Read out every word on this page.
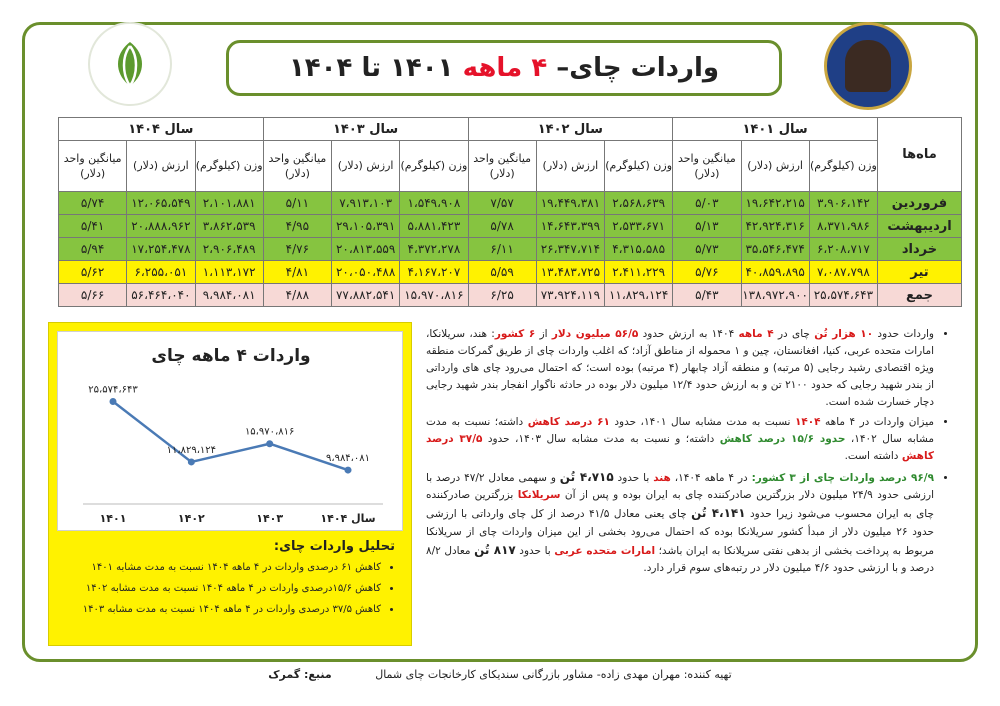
واردات چای–

۴ ماهه

۱۴۰۱ تا ۱۴۰۴
ماه‌ها	سال ۱۴۰۱			سال ۱۴۰۲			سال ۱۴۰۳			سال ۱۴۰۴		
	وزن (کیلوگرم)	ارزش (دلار)	میانگین واحد (دلار)	وزن (کیلوگرم)	ارزش (دلار)	میانگین واحد (دلار)	وزن (کیلوگرم)	ارزش (دلار)	میانگین واحد (دلار)	وزن (کیلوگرم)	ارزش (دلار)	میانگین واحد (دلار)
فروردین	۳،۹۰۶،۱۴۲	۱۹،۶۴۲،۲۱۵	۵/۰۳	۲،۵۶۸،۶۳۹	۱۹،۴۴۹،۳۸۱	۷/۵۷	۱،۵۴۹،۹۰۸	۷،۹۱۳،۱۰۳	۵/۱۱	۲،۱۰۱،۸۸۱	۱۲،۰۶۵،۵۴۹	۵/۷۴
اردیبهشت	۸،۳۷۱،۹۸۶	۴۲،۹۲۴،۳۱۶	۵/۱۳	۲،۵۳۳،۶۷۱	۱۴،۶۴۳،۳۹۹	۵/۷۸	۵،۸۸۱،۴۲۳	۲۹،۱۰۵،۳۹۱	۴/۹۵	۳،۸۶۲،۵۳۹	۲۰،۸۸۸،۹۶۲	۵/۴۱
خرداد	۶،۲۰۸،۷۱۷	۳۵،۵۴۶،۴۷۴	۵/۷۳	۴،۳۱۵،۵۸۵	۲۶،۳۴۷،۷۱۴	۶/۱۱	۴،۳۷۲،۲۷۸	۲۰،۸۱۳،۵۵۹	۴/۷۶	۲،۹۰۶،۴۸۹	۱۷،۲۵۴،۴۷۸	۵/۹۴
تیر	۷،۰۸۷،۷۹۸	۴۰،۸۵۹،۸۹۵	۵/۷۶	۲،۴۱۱،۲۲۹	۱۳،۴۸۳،۷۲۵	۵/۵۹	۴،۱۶۷،۲۰۷	۲۰،۰۵۰،۴۸۸	۴/۸۱	۱،۱۱۳،۱۷۲	۶،۲۵۵،۰۵۱	۵/۶۲
جمع	۲۵،۵۷۴،۶۴۳	۱۳۸،۹۷۲،۹۰۰	۵/۴۳	۱۱،۸۲۹،۱۲۴	۷۳،۹۲۴،۱۱۹	۶/۲۵	۱۵،۹۷۰،۸۱۶	۷۷،۸۸۲،۵۴۱	۴/۸۸	۹،۹۸۴،۰۸۱	۵۶،۴۶۴،۰۴۰	۵/۶۶
واردات ۴ ماهه چای
۲۵،۵۷۴،۶۴۳
۱۴۰۱
۱۱،۸۲۹،۱۲۴
۱۴۰۲
۱۵،۹۷۰،۸۱۶
۱۴۰۳
۹،۹۸۴،۰۸۱
سال ۱۴۰۴
تحلیل واردات چای:
• کاهش ۶۱ درصدی واردات در ۴ ماهه ۱۴۰۴ نسبت به مدت مشابه ۱۴۰۱
• کاهش ۱۵/۶درصدی واردات در ۴ ماهه ۱۴۰۴ نسبت به مدت مشابه ۱۴۰۲
• کاهش ۳۷/۵ درصدی واردات در ۴ ماهه ۱۴۰۴ نسبت به مدت مشابه ۱۴۰۳
• واردات حدود ۱۰ هزار تُن چای در ۴ ماهه ۱۴۰۴ به ارزش حدود ۵۶/۵ میلیون دلار از ۶ کشور: هند، سریلانکا، امارات متحده عربی، کنیا، افغانستان، چین و ۱ محموله از مناطق آزاد؛ که اغلب واردات چای از طریق گمرکات منطقه ویژه اقتصادی رشید رجایی (۵ مرتبه) و منطقه آزاد چابهار (۴ مرتبه) بوده است؛ که احتمال می‌رود چای های وارداتی از بندر شهید رجایی که حدود ۲۱۰۰ تن و به ارزش حدود ۱۲/۴ میلیون دلار بوده در حادثه ناگوار انفجار بندر شهید رجایی دچار خسارت شده است.
• میزان واردات در ۴ ماهه ۱۴۰۴ نسبت به مدت مشابه سال ۱۴۰۱، حدود ۶۱ درصد کاهش داشته؛ نسبت به مدت مشابه سال ۱۴۰۲، حدود ۱۵/۶ درصد کاهش داشته؛ و نسبت به مدت مشابه سال ۱۴۰۳، حدود ۳۷/۵ درصد کاهش داشته است.
• ۹۶/۹ درصد واردات چای از ۳ کشور: در ۴ ماهه ۱۴۰۴، هند با حدود ۴،۷۱۵ تُن و سهمی معادل ۴۷/۲ درصد با ارزشی حدود ۲۴/۹ میلیون دلار بزرگترین صادرکننده چای به ایران بوده و پس از آن سریلانکا بزرگترین صادرکننده چای به ایران محسوب می‌شود زیرا حدود ۴،۱۴۱ تُن چای یعنی معادل ۴۱/۵ درصد از کل چای وارداتی با ارزشی حدود ۲۶ میلیون دلار از مبدأ کشور سریلانکا بوده که احتمال می‌رود بخشی از این میزان واردات چای از سریلانکا مربوط به پرداخت بخشی از بدهی نفتی سریلانکا به ایران باشد؛ امارات متحده عربی با حدود ۸۱۷ تُن معادل ۸/۲ درصد و با ارزشی حدود ۴/۶ میلیون دلار در رتبه‌های سوم قرار دارد.
تهیه کننده: مهران مهدی زاده- مشاور بازرگانی سندیکای کارخانجات چای شمال منبع: گمرک
